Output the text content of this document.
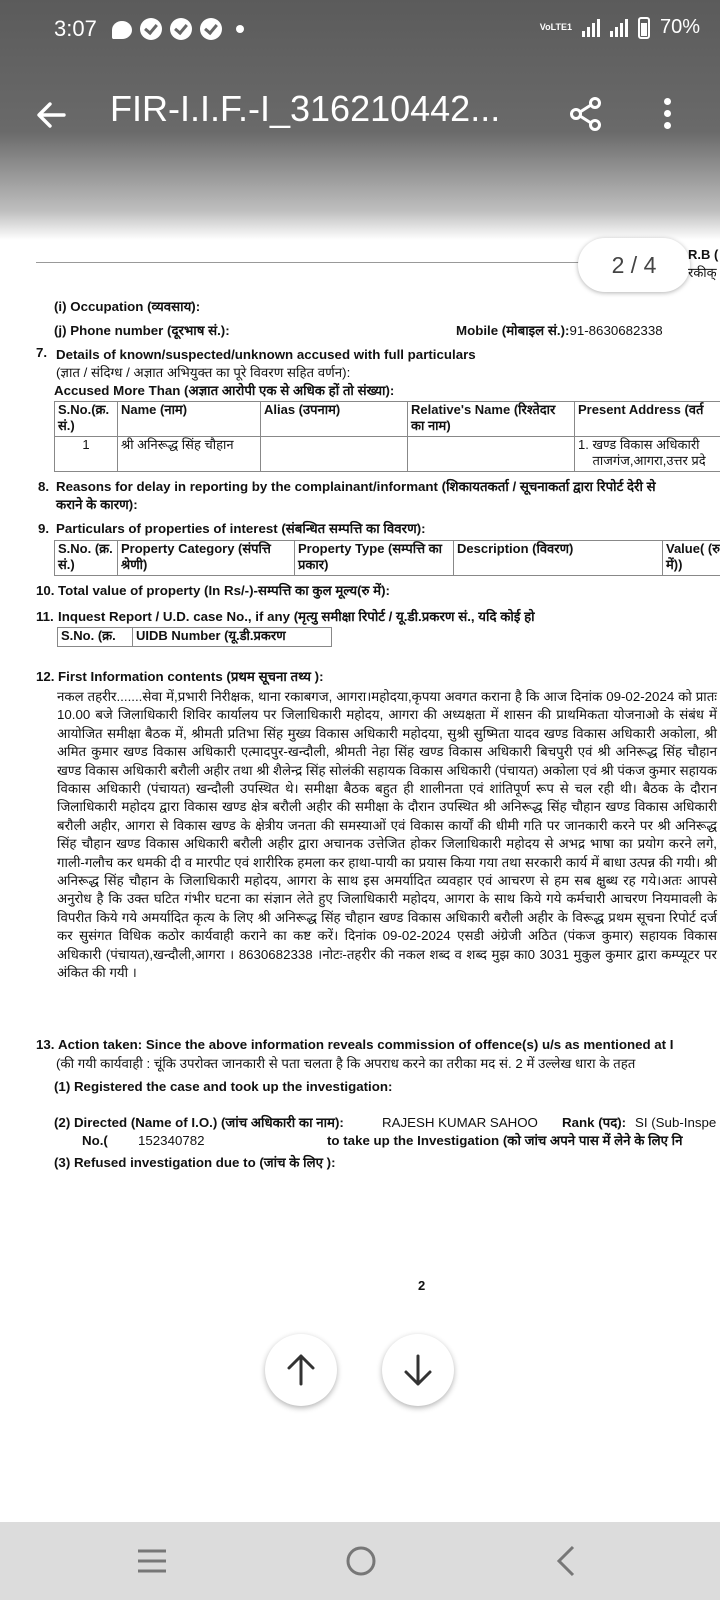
3:07	VoLTE1	70%
FIR-I.I.F.-I_316210442...
2 / 4	R.B (
रकीक्
(i) Occupation (व्यवसाय):
(j) Phone number (दूरभाष सं.):	Mobile (मोबाइल सं.):91-8630682338
7. Details of known/suspected/unknown accused with full particulars
(ज्ञात / संदिग्ध / अज्ञात अभियुक्त का पूरे विवरण सहित वर्णन):
Accused More Than (अज्ञात आरोपी एक से अधिक हों तो संख्या):
S.No.(क्र. सं.)	Name (नाम)	Alias (उपनाम)	Relative's Name (रिश्तेदार का नाम)	Present Address (वर्त
1	श्री अनिरूद्ध सिंह चौहान			1. खण्ड विकास अधिकारी
ताजगंज,आगरा,उत्तर प्रदे
8. Reasons for delay in reporting by the complainant/informant (शिकायतकर्ता / सूचनाकर्ता द्वारा रिपोर्ट देरी से
कराने के कारण):
9. Particulars of properties of interest (संबन्धित सम्पत्ति का विवरण):
S.No. (क्र. सं.)	Property Category (संपत्ति श्रेणी)	Property Type (सम्पत्ति का प्रकार)	Description (विवरण)	Value( (रु में))
10. Total value of property (In Rs/-)-सम्पत्ति का कुल मूल्य(रु में):
11. Inquest Report / U.D. case No., if any (मृत्यु समीक्षा रिपोर्ट / यू.डी.प्रकरण सं., यदि कोई हो
S.No. (क्र.	UIDB Number (यू.डी.प्रकरण
12. First Information contents (प्रथम सूचना तथ्य ):

नकल तहरीर.......सेवा में,प्रभारी निरीक्षक, थाना रकाबगज, आगरा।महोदया,कृपया अवगत कराना है कि आज दिनांक 09-02-2024 को प्रातः 10.00 बजे जिलाधिकारी शिविर कार्यालय पर जिलाधिकारी महोदय, आगरा की अध्यक्षता में शासन की प्राथमिकता योजनाओ के संबंध में आयोजित समीक्षा बैठक में, श्रीमती प्रतिभा सिंह मुख्य विकास अधिकारी महोदया, सुश्री सुष्मिता यादव खण्ड विकास अधिकारी अकोला, श्री अमित कुमार खण्ड विकास अधिकारी एत्मादपुर-खन्दौली, श्रीमती नेहा सिंह खण्ड विकास अधिकारी बिचपुरी एवं श्री अनिरूद्ध सिंह चौहान खण्ड विकास अधिकारी बरौली अहीर तथा श्री शैलेन्द्र सिंह सोलंकी सहायक विकास अधिकारी (पंचायत) अकोला एवं श्री पंकज कुमार सहायक विकास अधिकारी (पंचायत) खन्दौली उपस्थित थे। समीक्षा बैठक बहुत ही शालीनता एवं शांतिपूर्ण रूप से चल रही थी। बैठक के दौरान जिलाधिकारी महोदय द्वारा विकास खण्ड क्षेत्र बरौली अहीर की समीक्षा के दौरान उपस्थित श्री अनिरूद्ध सिंह चौहान खण्ड विकास अधिकारी बरौली अहीर, आगरा से विकास खण्ड के क्षेत्रीय जनता की समस्याओं एवं विकास कार्यों की धीमी गति पर जानकारी करने पर श्री अनिरूद्ध सिंह चौहान खण्ड विकास अधिकारी बरौली अहीर द्वारा अचानक उत्तेजित होकर जिलाधिकारी महोदय से अभद्र भाषा का प्रयोग करने लगे, गाली-गलौच कर धमकी दी व मारपीट एवं शारीरिक हमला कर हाथा-पायी का प्रयास किया गया तथा सरकारी कार्य में बाधा उत्पन्न की गयी। श्री अनिरूद्ध सिंह चौहान के जिलाधिकारी महोदय, आगरा के साथ इस अमर्यादित व्यवहार एवं आचरण से हम सब क्षुब्ध रह गये।अतः आपसे अनुरोध है कि उक्त घटित गंभीर घटना का संज्ञान लेते हुए जिलाधिकारी महोदय, आगरा के साथ किये गये कर्मचारी आचरण नियमावली के विपरीत किये गये अमर्यादित कृत्य के लिए श्री अनिरूद्ध सिंह चौहान खण्ड विकास अधिकारी बरौली अहीर के विरूद्ध प्रथम सूचना रिपोर्ट दर्ज कर सुसंगत विधिक कठोर कार्यवाही कराने का कष्ट करें। दिनांक 09-02-2024 एसडी अंग्रेजी अठित (पंकज कुमार) सहायक विकास अधिकारी (पंचायत),खन्दौली,आगरा । 8630682338 ।नोटः-तहरीर की नकल शब्द व शब्द मुझ का0 3031 मुकुल कुमार द्वारा कम्प्यूटर पर अंकित की गयी ।

13. Action taken: Since the above information reveals commission of offence(s) u/s as mentioned at I
(की गयी कार्यवाही : चूंकि उपरोक्त जानकारी से पता चलता है कि अपराध करने का तरीका मद सं. 2 में उल्लेख धारा के तहत
(1) Registered the case and took up the investigation:
(2) Directed (Name of I.O.) (जांच अधिकारी का नाम):	RAJESH KUMAR SAHOO Rank (पद): SI (Sub-Inspe
No.( 152340782	to take up the Investigation (को जांच अपने पास में लेने के लिए नि
(3) Refused investigation due to (जांच के लिए ):
2
